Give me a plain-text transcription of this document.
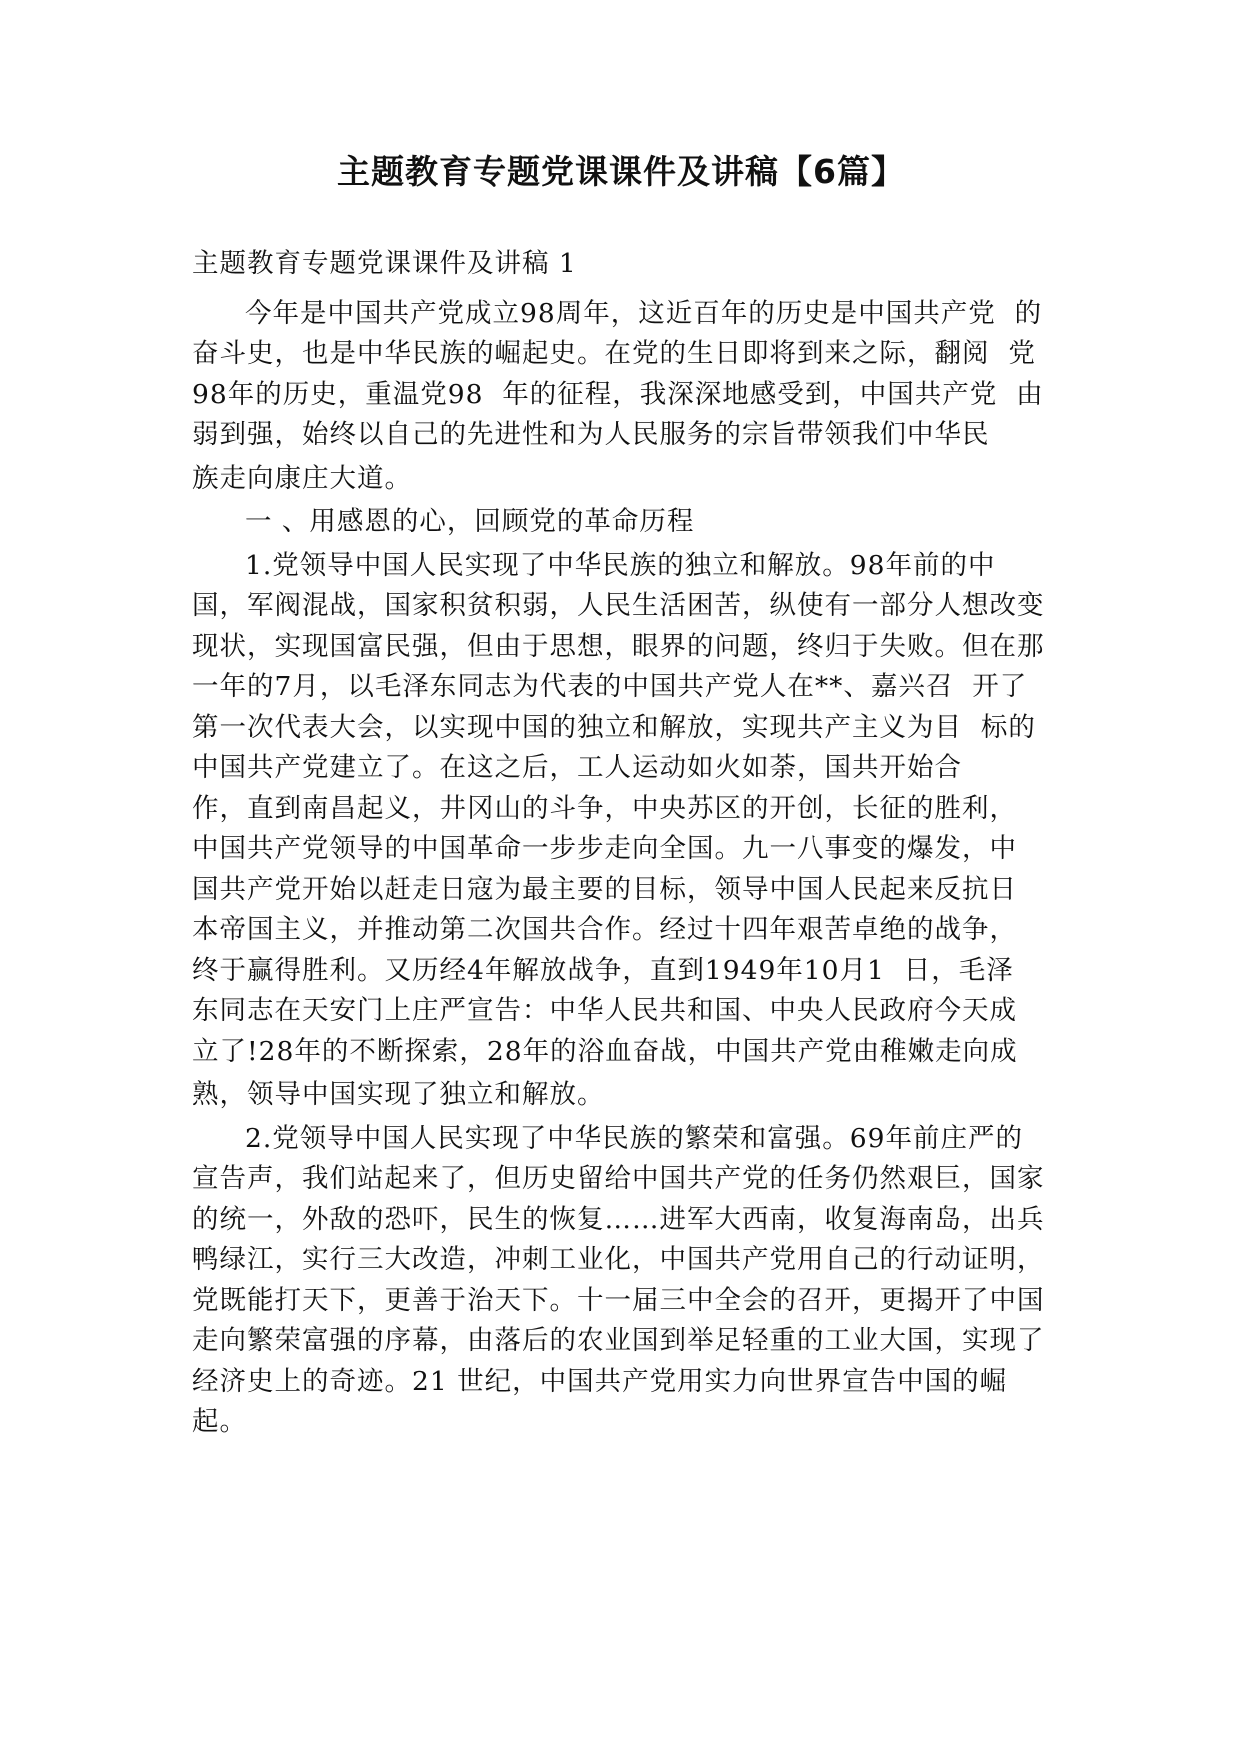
主题教育专题党课课件及讲稿【6篇】

主题教育专题党课课件及讲稿 1

今年是中国共产党成立98周年，这近百年的历史是中国共产党  的奋斗史，也是中华民族的崛起史。在党的生日即将到来之际，翻阅  党98年的历史，重温党98  年的征程，我深深地感受到，中国共产党  由弱到强，始终以自己的先进性和为人民服务的宗旨带领我们中华民

族走向康庄大道。

一 、用感恩的心，回顾党的革命历程

1.党领导中国人民实现了中华民族的独立和解放。98年前的中国，军阀混战，国家积贫积弱，人民生活困苦，纵使有一部分人想改变现状，实现国富民强，但由于思想，眼界的问题，终归于失败。但在那一年的7月，以毛泽东同志为代表的中国共产党人在**、嘉兴召  开了第一次代表大会，以实现中国的独立和解放，实现共产主义为目  标的中国共产党建立了。在这之后，工人运动如火如荼，国共开始合    作，直到南昌起义，井冈山的斗争，中央苏区的开创，长征的胜利，  中国共产党领导的中国革命一步步走向全国。九一八事变的爆发，中    国共产党开始以赶走日寇为最主要的目标，领导中国人民起来反抗日  本帝国主义，并推动第二次国共合作。经过十四年艰苦卓绝的战争，  终于赢得胜利。又历经4年解放战争，直到1949年10月1  日，毛泽  东同志在天安门上庄严宣告：中华人民共和国、中央人民政府今天成  立了!28年的不断探索，28年的浴血奋战，中国共产党由稚嫩走向成

熟，领导中国实现了独立和解放。

2.党领导中国人民实现了中华民族的繁荣和富强。69年前庄严的宣告声，我们站起来了，但历史留给中国共产党的任务仍然艰巨，国家的统一，外敌的恐吓，民生的恢复……进军大西南，收复海南岛，出兵鸭绿江，实行三大改造，冲刺工业化，中国共产党用自己的行动证明，党既能打天下，更善于治天下。十一届三中全会的召开，更揭开了中国走向繁荣富强的序幕，由落后的农业国到举足轻重的工业大国，实现了经济史上的奇迹。21 世纪，中国共产党用实力向世界宣告中国的崛起。
